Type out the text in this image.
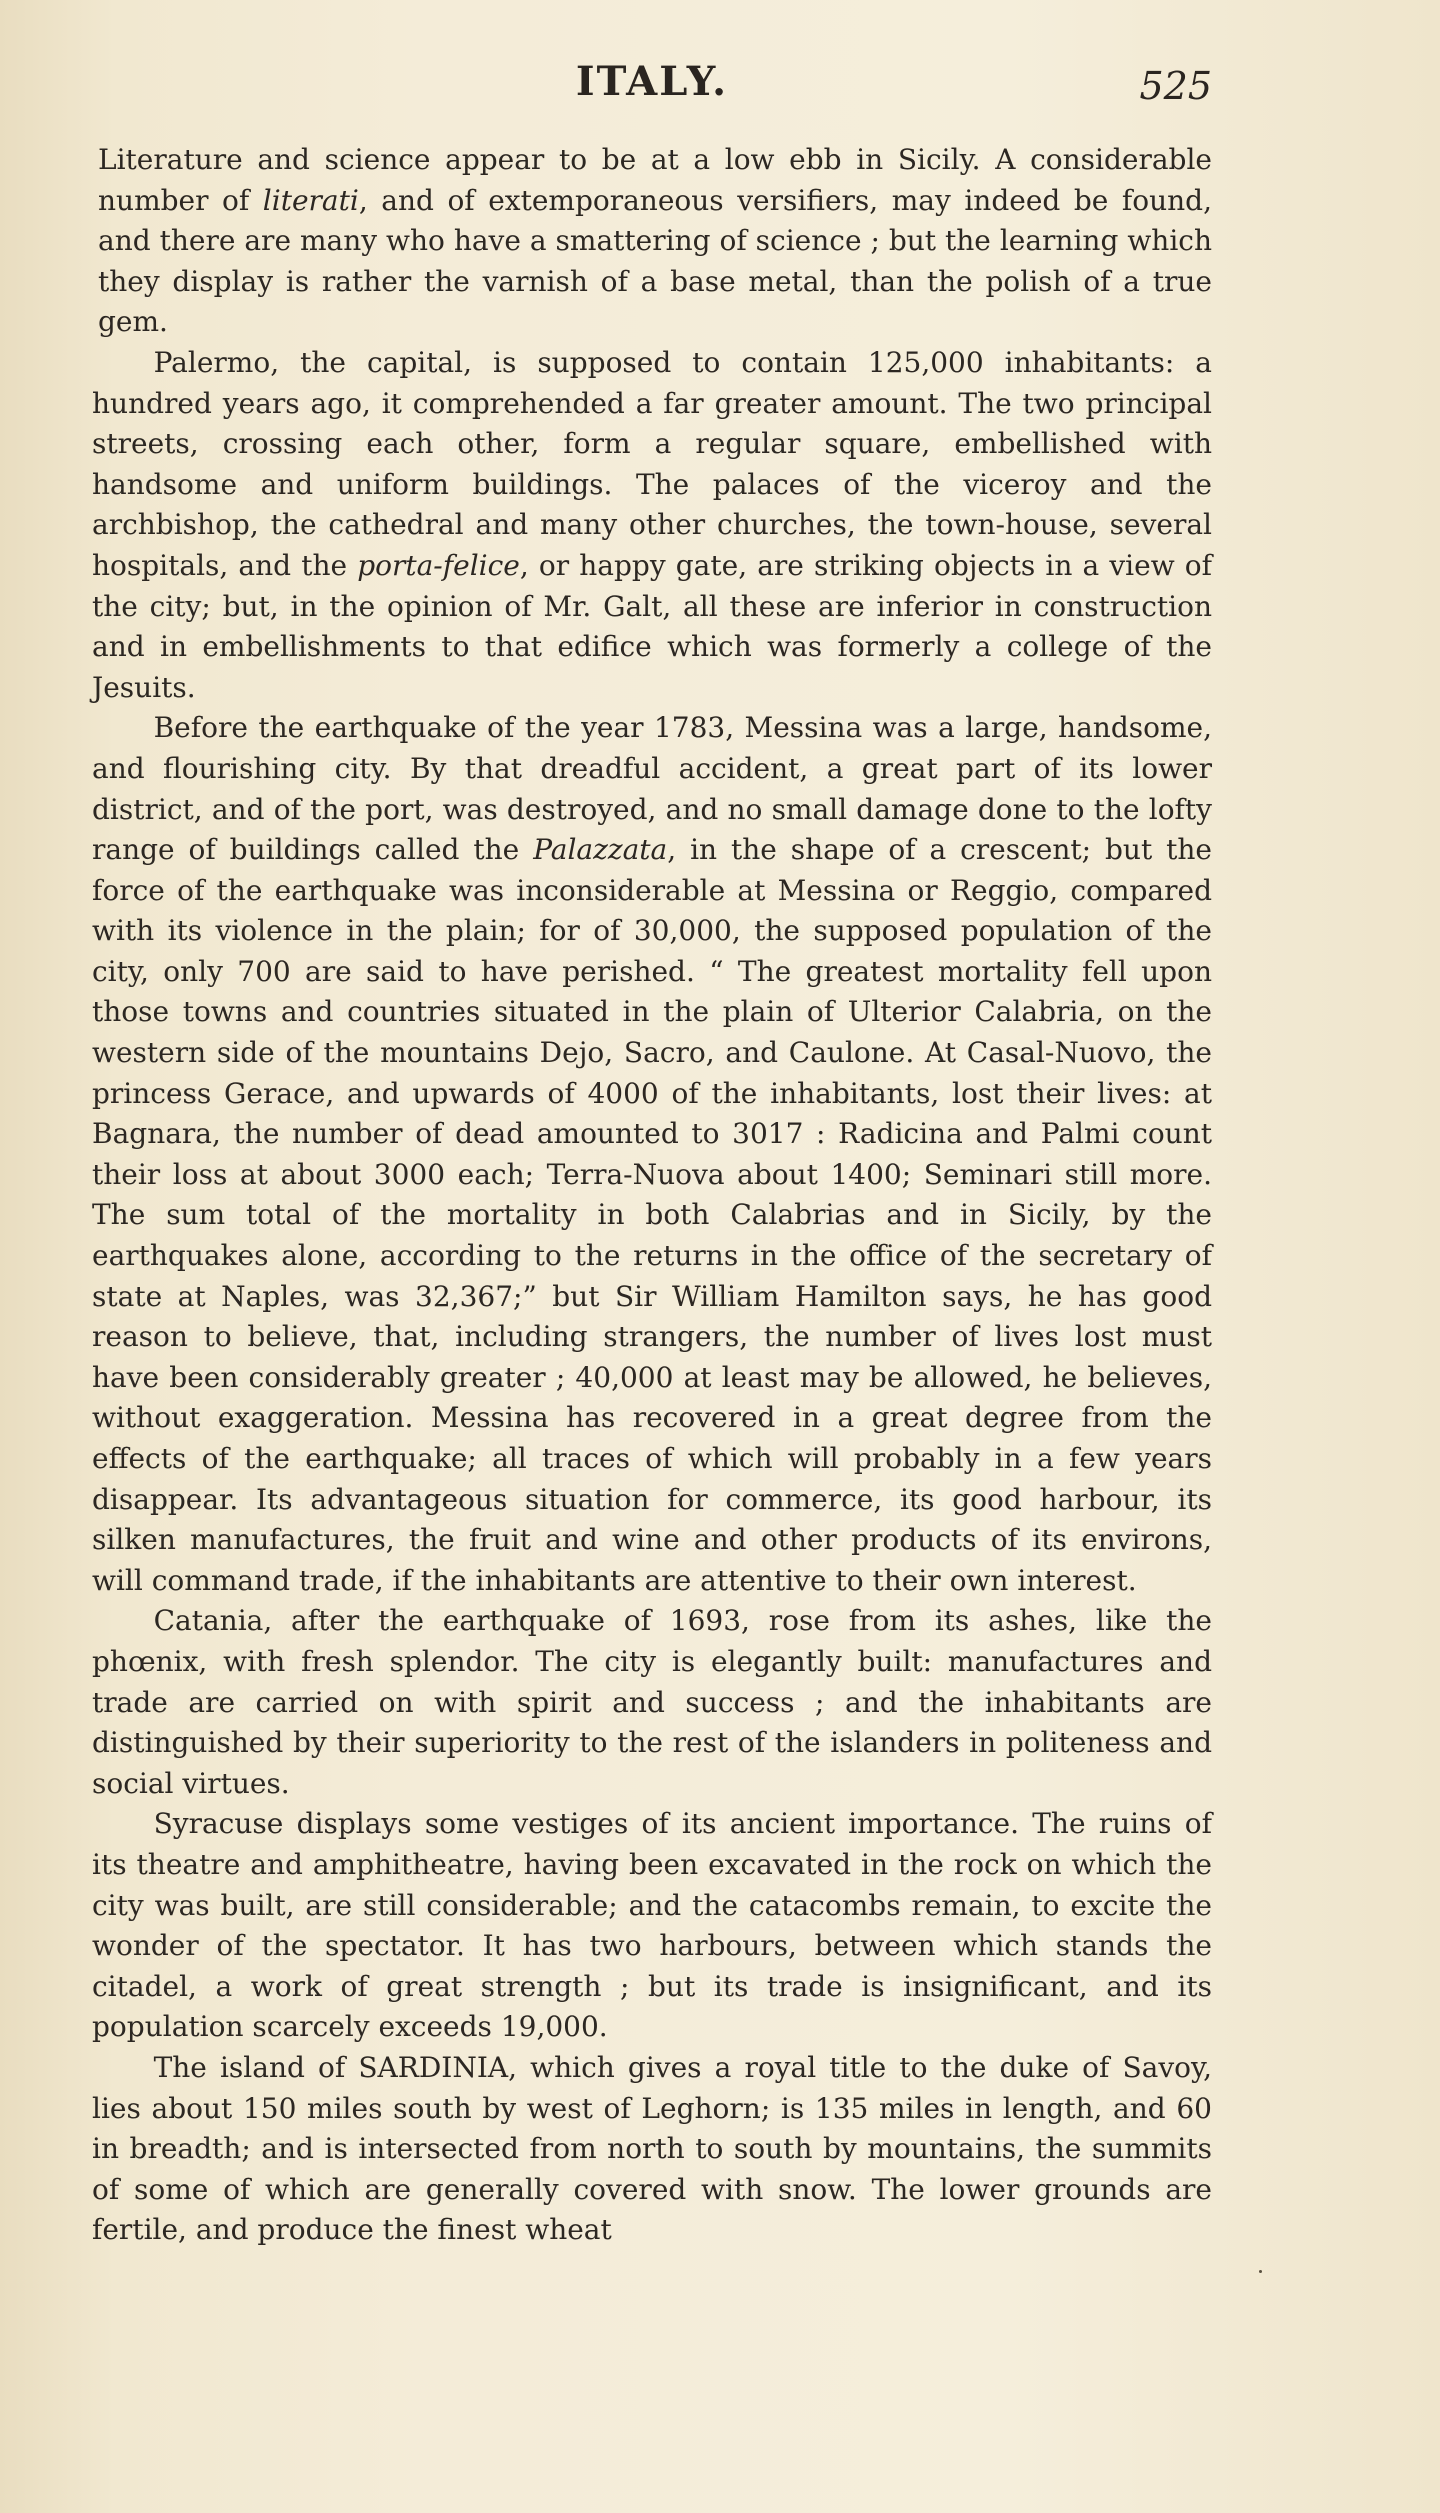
ITALY.	525

Literature and science appear to be at a low ebb in Sicily. A considerable number of literati, and of extemporaneous versifiers, may indeed be found, and there are many who have a smattering of science ; but the learning which they display is rather the varnish of a base metal, than the polish of a true gem.

Palermo, the capital, is supposed to contain 125,000 inhabitants: a hundred years ago, it comprehended a far greater amount. The two principal streets, crossing each other, form a regular square, embellished with handsome and uniform buildings. The palaces of the viceroy and the archbishop, the cathedral and many other churches, the town-house, several hospitals, and the porta-felice, or happy gate, are striking objects in a view of the city; but, in the opinion of Mr. Galt, all these are inferior in construction and in embellishments to that edifice which was formerly a college of the Jesuits.

Before the earthquake of the year 1783, Messina was a large, handsome, and flourishing city. By that dreadful accident, a great part of its lower district, and of the port, was destroyed, and no small damage done to the lofty range of buildings called the Palazzata, in the shape of a crescent; but the force of the earthquake was inconsiderable at Messina or Reggio, compared with its violence in the plain; for of 30,000, the supposed population of the city, only 700 are said to have perished. “ The greatest mortality fell upon those towns and countries situated in the plain of Ulterior Calabria, on the western side of the mountains Dejo, Sacro, and Caulone. At Casal-Nuovo, the princess Gerace, and upwards of 4000 of the inhabitants, lost their lives: at Bagnara, the number of dead amounted to 3017 : Radicina and Palmi count their loss at about 3000 each; Terra-Nuova about 1400; Seminari still more. The sum total of the mortality in both Calabrias and in Sicily, by the earthquakes alone, according to the returns in the office of the secretary of state at Naples, was 32,367;” but Sir William Hamilton says, he has good reason to believe, that, including strangers, the number of lives lost must have been considerably greater ; 40,000 at least may be allowed, he believes, without exaggeration. Messina has recovered in a great degree from the effects of the earthquake; all traces of which will probably in a few years disappear. Its advantageous situation for commerce, its good harbour, its silken manufactures, the fruit and wine and other products of its environs, will command trade, if the inhabitants are attentive to their own interest.

Catania, after the earthquake of 1693, rose from its ashes, like the phœnix, with fresh splendor. The city is elegantly built: manufactures and trade are carried on with spirit and success ; and the inhabitants are distinguished by their superiority to the rest of the islanders in politeness and social virtues.

Syracuse displays some vestiges of its ancient importance. The ruins of its theatre and amphitheatre, having been excavated in the rock on which the city was built, are still considerable; and the catacombs remain, to excite the wonder of the spectator. It has two harbours, between which stands the citadel, a work of great strength ; but its trade is insignificant, and its population scarcely exceeds 19,000.

The island of SARDINIA, which gives a royal title to the duke of Savoy, lies about 150 miles south by west of Leghorn; is 135 miles in length, and 60 in breadth; and is intersected from north to south by mountains, the summits of some of which are generally covered with snow. The lower grounds are fertile, and produce the finest wheat
